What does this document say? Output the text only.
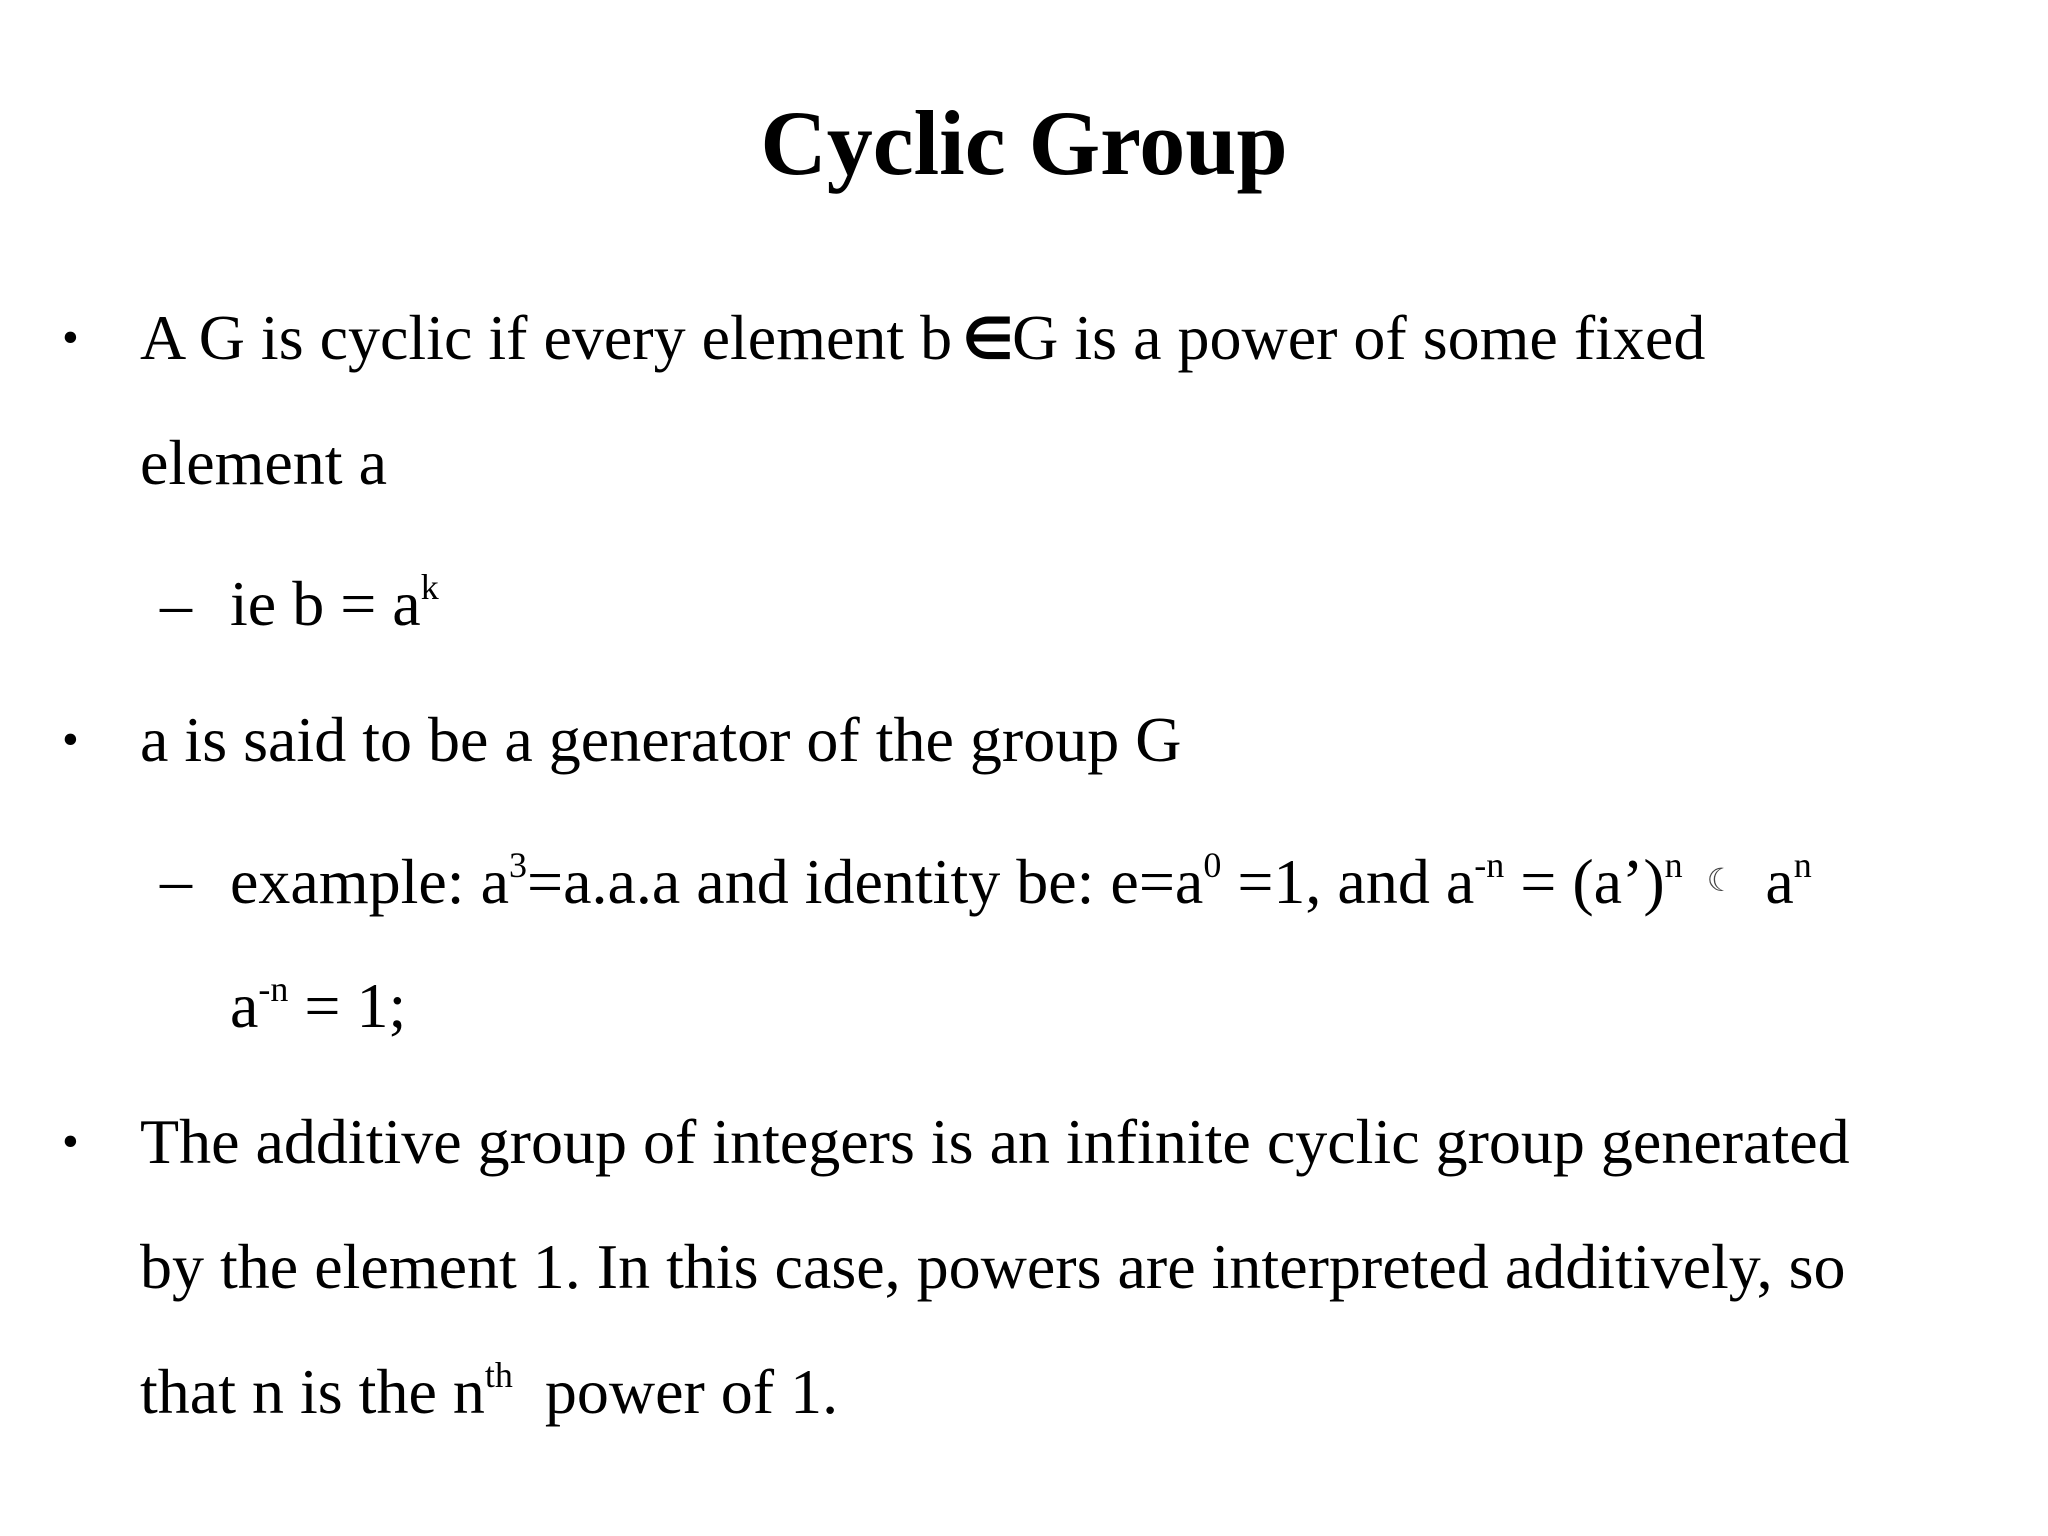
Cyclic Group
• A G is cyclic if every element b ∈G is a power of some fixed
element a
– ie $b = a^k$
• a is said to be a generator of the group G
– example: $a^3=a.a.a$ and identity be: $e=a^0 =1$, and $a^{-n}$ = (a’)$^n$ ☾ $a^n$
$a^{-n} = 1$;
• The additive group of integers is an infinite cyclic group generated
by the element 1. In this case, powers are interpreted additively, so
that n is the $n^{th}$  power of 1.
